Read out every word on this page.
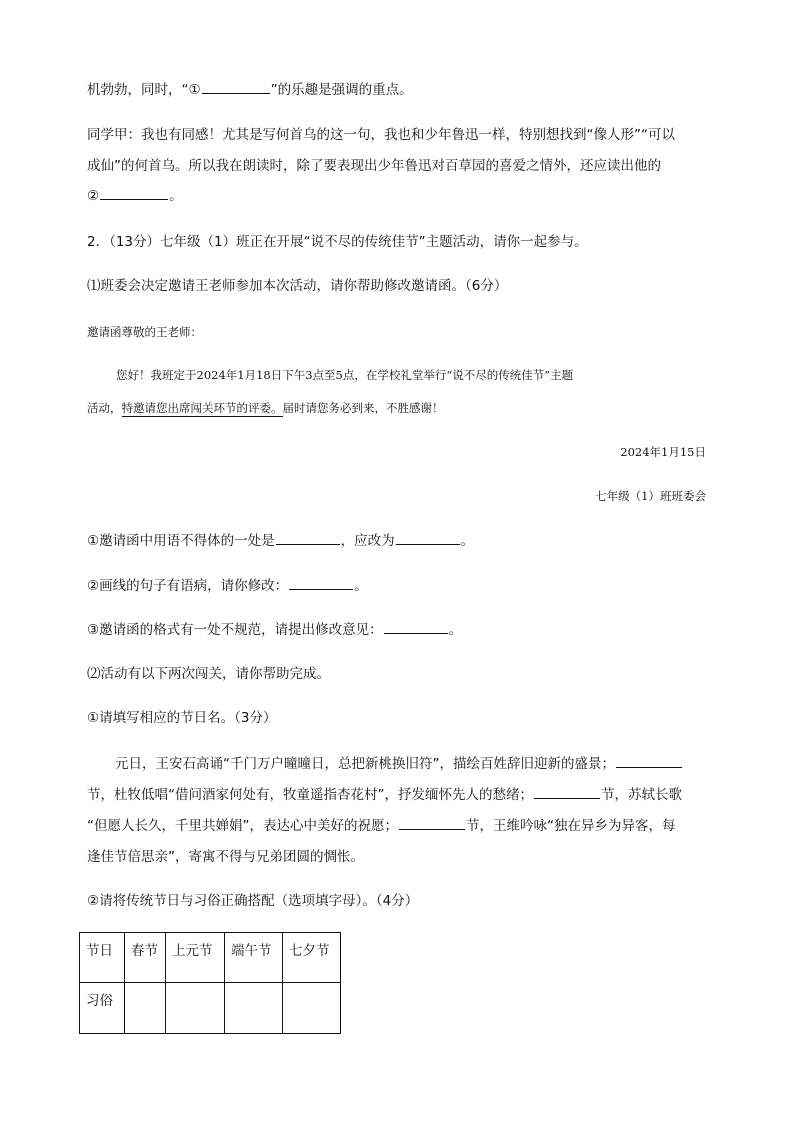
机勃勃，同时，“①	”的乐趣是强调的重点。
同学甲：我也有同感！尤其是写何首乌的这一句，我也和少年鲁迅一样，特别想找到“像人形”“可以
成仙”的何首乌。所以我在朗读时，除了要表现出少年鲁迅对百草园的喜爱之情外，还应读出他的
②	。
2．（13分）七年级（1）班正在开展“说不尽的传统佳节”主题活动，请你一起参与。
⑴班委会决定邀请王老师参加本次活动，请你帮助修改邀请函。（6分）
邀请函尊敬的王老师：
您好！我班定于2024年1月18日下午3点至5点，在学校礼堂举行“说不尽的传统佳节”主题
活动，特邀请您出席闯关环节的评委。届时请您务必到来，不胜感谢！
2024年1月15日
七年级（1）班班委会
①邀请函中用语不得体的一处是	，应改为	。
②画线的句子有语病，请你修改：	。
③邀请函的格式有一处不规范，请提出修改意见：	。
⑵活动有以下两次闯关，请你帮助完成。
①请填写相应的节日名。（3分）
元日，王安石高诵“千门万户曈曈日，总把新桃换旧符”，描绘百姓辞旧迎新的盛景；
节，杜牧低唱“借问酒家何处有，牧童遥指杏花村”，抒发缅怀先人的愁绪；	节，苏轼长歌
“但愿人长久，千里共婵娟”，表达心中美好的祝愿；	节，王维吟咏“独在异乡为异客，每
逢佳节倍思亲”，寄寓不得与兄弟团圆的惆怅。
②请将传统节日与习俗正确搭配（选项填字母）。（4分）
节日	春节	上元节	端午节	七夕节
习俗				
